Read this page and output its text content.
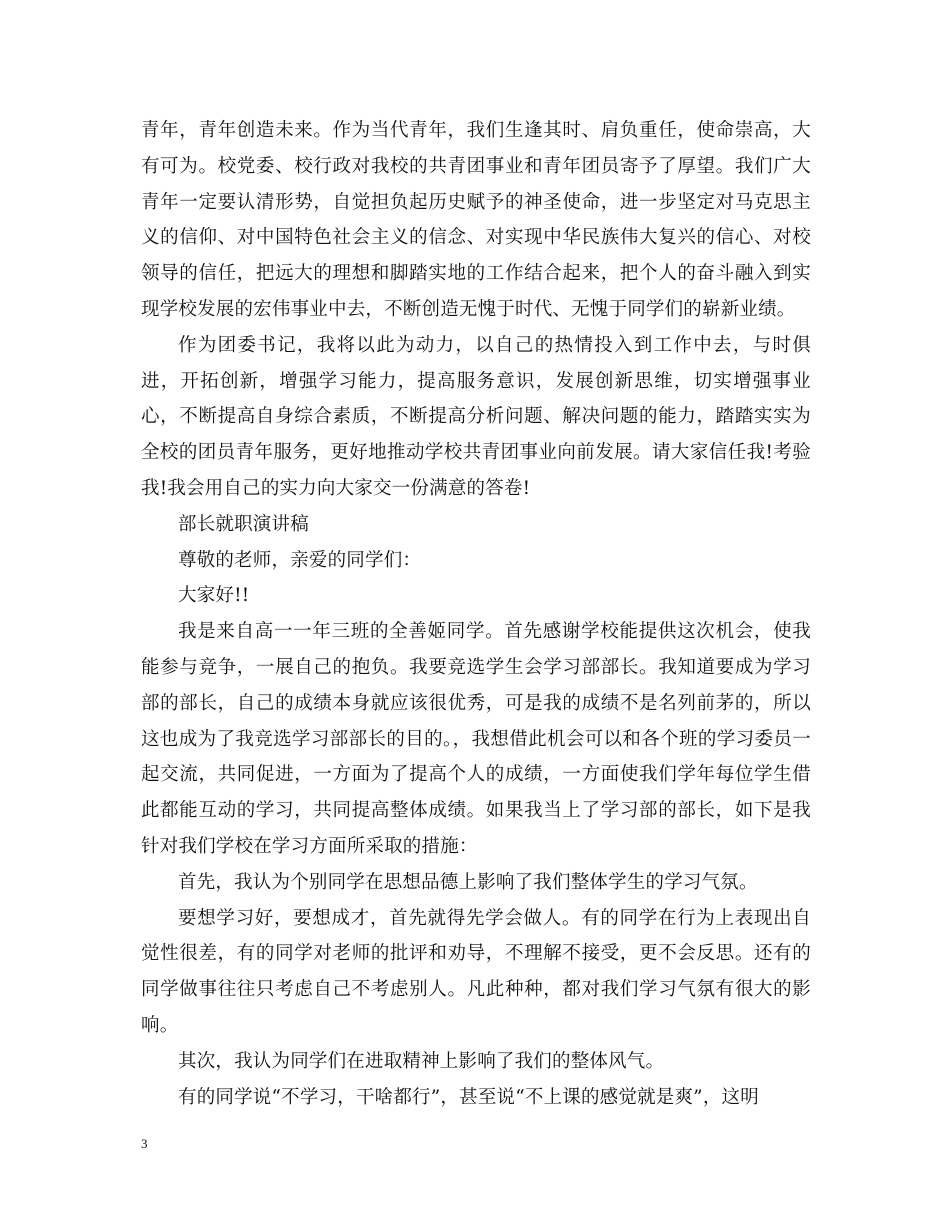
青年，青年创造未来。作为当代青年，我们生逢其时、肩负重任，使命崇高，大有可为。校党委、校行政对我校的共青团事业和青年团员寄予了厚望。我们广大青年一定要认清形势，自觉担负起历史赋予的神圣使命，进一步坚定对马克思主义的信仰、对中国特色社会主义的信念、对实现中华民族伟大复兴的信心、对校领导的信任，把远大的理想和脚踏实地的工作结合起来，把个人的奋斗融入到实现学校发展的宏伟事业中去，不断创造无愧于时代、无愧于同学们的崭新业绩。

作为团委书记，我将以此为动力，以自己的热情投入到工作中去，与时俱进，开拓创新，增强学习能力，提高服务意识，发展创新思维，切实增强事业心，不断提高自身综合素质，不断提高分析问题、解决问题的能力，踏踏实实为全校的团员青年服务，更好地推动学校共青团事业向前发展。请大家信任我!考验我!我会用自己的实力向大家交一份满意的答卷!

部长就职演讲稿

尊敬的老师，亲爱的同学们：

大家好!!

我是来自高一一年三班的全善姬同学。首先感谢学校能提供这次机会，使我能参与竞争，一展自己的抱负。我要竞选学生会学习部部长。我知道要成为学习部的部长，自己的成绩本身就应该很优秀，可是我的成绩不是名列前茅的，所以这也成为了我竞选学习部部长的目的。，我想借此机会可以和各个班的学习委员一起交流，共同促进，一方面为了提高个人的成绩，一方面使我们学年每位学生借此都能互动的学习，共同提高整体成绩。如果我当上了学习部的部长，如下是我针对我们学校在学习方面所采取的措施：

首先，我认为个别同学在思想品德上影响了我们整体学生的学习气氛。

要想学习好，要想成才，首先就得先学会做人。有的同学在行为上表现出自觉性很差，有的同学对老师的批评和劝导，不理解不接受，更不会反思。还有的同学做事往往只考虑自己不考虑别人。凡此种种，都对我们学习气氛有很大的影响。

其次，我认为同学们在进取精神上影响了我们的整体风气。

有的同学说“不学习，干啥都行”，甚至说“不上课的感觉就是爽”，这明

3
